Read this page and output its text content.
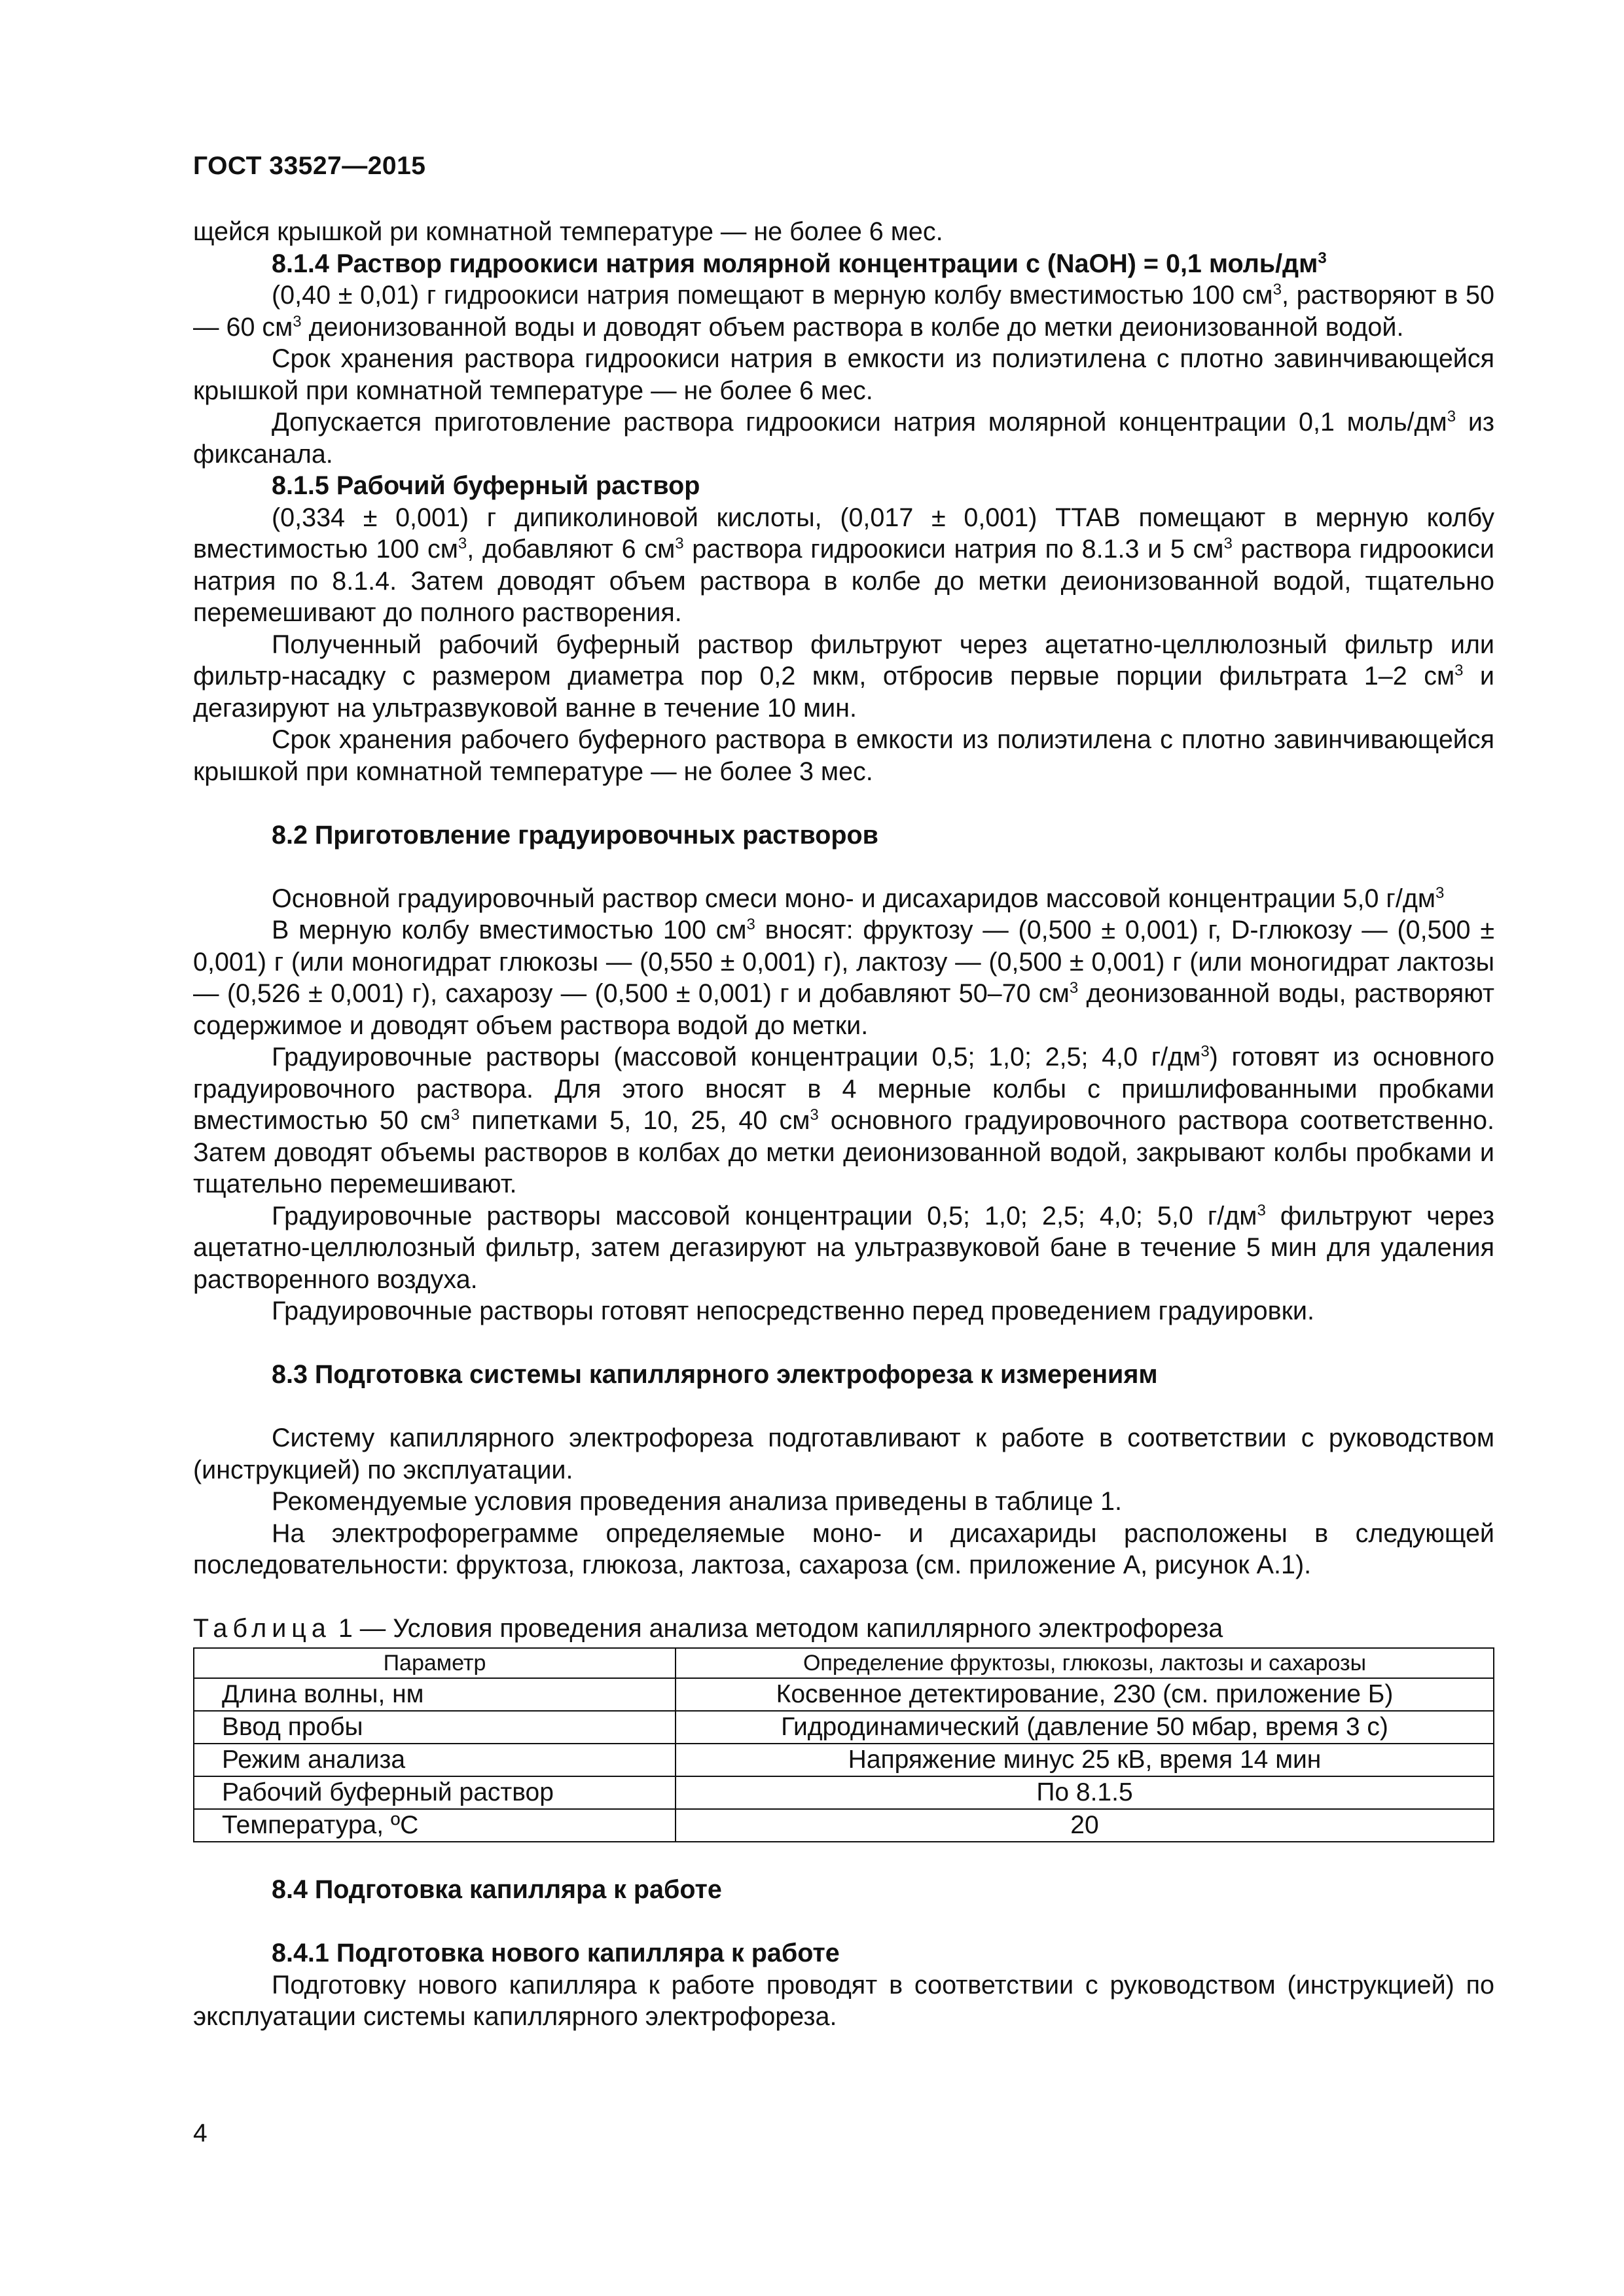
ГОСТ 33527—2015

щейся крышкой ри комнатной температуре — не более 6 мес.

8.1.4 Раствор гидроокиси натрия молярной концентрации с (NaOH) = 0,1 моль/$дм^3$

(0,40 ± 0,01) г гидроокиси натрия помещают в мерную колбу вместимостью 100 $см^3$, растворяют в 50 — 60 $см^3$ деионизованной воды и доводят объем раствора в колбе до метки деионизованной водой.

Срок хранения раствора гидроокиси натрия в емкости из полиэтилена с плотно завинчивающейся крышкой при комнатной температуре — не более 6 мес.

Допускается приготовление раствора гидроокиси натрия молярной концентрации 0,1 моль/$дм^3$ из фиксанала.

8.1.5 Рабочий буферный раствор

(0,334 ± 0,001) г дипиколиновой кислоты, (0,017 ± 0,001) ТТАВ помещают в мерную колбу вместимостью 100 $см^3$, добавляют 6 $см^3$ раствора гидроокиси натрия по 8.1.3 и 5 $см^3$ раствора гидроокиси натрия по 8.1.4. Затем доводят объем раствора в колбе до метки деионизованной водой, тщательно перемешивают до полного растворения.

Полученный рабочий буферный раствор фильтруют через ацетатно-целлюлозный фильтр или фильтр-насадку с размером диаметра пор 0,2 мкм, отбросив первые порции фильтрата 1–2 $см^3$ и дегазируют на ультразвуковой ванне в течение 10 мин.

Срок хранения рабочего буферного раствора в емкости из полиэтилена с плотно завинчивающейся крышкой при комнатной температуре — не более 3 мес.

8.2 Приготовление градуировочных растворов

Основной градуировочный раствор смеси моно- и дисахаридов массовой концентрации 5,0 $г/дм^3$

В мерную колбу вместимостью 100 $см^3$ вносят: фруктозу — (0,500 ± 0,001) г, D-глюкозу — (0,500 ± 0,001) г (или моногидрат глюкозы — (0,550 ± 0,001) г), лактозу — (0,500 ± 0,001) г (или моногидрат лактозы — (0,526 ± 0,001) г), сахарозу — (0,500 ± 0,001) г и добавляют 50–70 $см^3$ деонизованной воды, растворяют содержимое и доводят объем раствора водой до метки.

Градуировочные растворы (массовой концентрации 0,5; 1,0; 2,5; 4,0 $г/дм^3$) готовят из основного градуировочного раствора. Для этого вносят в 4 мерные колбы с пришлифованными пробками вместимостью 50 $см^3$ пипетками 5, 10, 25, 40 $см^3$ основного градуировочного раствора соответственно. Затем доводят объемы растворов в колбах до метки деионизованной водой, закрывают колбы пробками и тщательно перемешивают.

Градуировочные растворы массовой концентрации 0,5; 1,0; 2,5; 4,0; 5,0 $г/дм^3$ фильтруют через ацетатно-целлюлозный фильтр, затем дегазируют на ультразвуковой бане в течение 5 мин для удаления растворенного воздуха.

Градуировочные растворы готовят непосредственно перед проведением градуировки.

8.3 Подготовка системы капиллярного электрофореза к измерениям

Систему капиллярного электрофореза подготавливают к работе в соответствии с руководством (инструкцией) по эксплуатации.

Рекомендуемые условия проведения анализа приведены в таблице 1.

На электрофореграмме определяемые моно- и дисахариды расположены в следующей последовательности: фруктоза, глюкоза, лактоза, сахароза (см. приложение А, рисунок А.1).

Таблица 1 — Условия проведения анализа методом капиллярного электрофореза

Параметр	Определение фруктозы, глюкозы, лактозы и сахарозы
Длина волны, нм	Косвенное детектирование, 230 (см. приложение Б)
Ввод пробы	Гидродинамический (давление 50 мбар, время 3 с)
Режим анализа	Напряжение минус 25 кВ, время 14 мин
Рабочий буферный раствор	По 8.1.5
Температура, ºС	20

8.4 Подготовка капилляра к работе

8.4.1 Подготовка нового капилляра к работе

Подготовку нового капилляра к работе проводят в соответствии с руководством (инструкцией) по эксплуатации системы капиллярного электрофореза.

4
